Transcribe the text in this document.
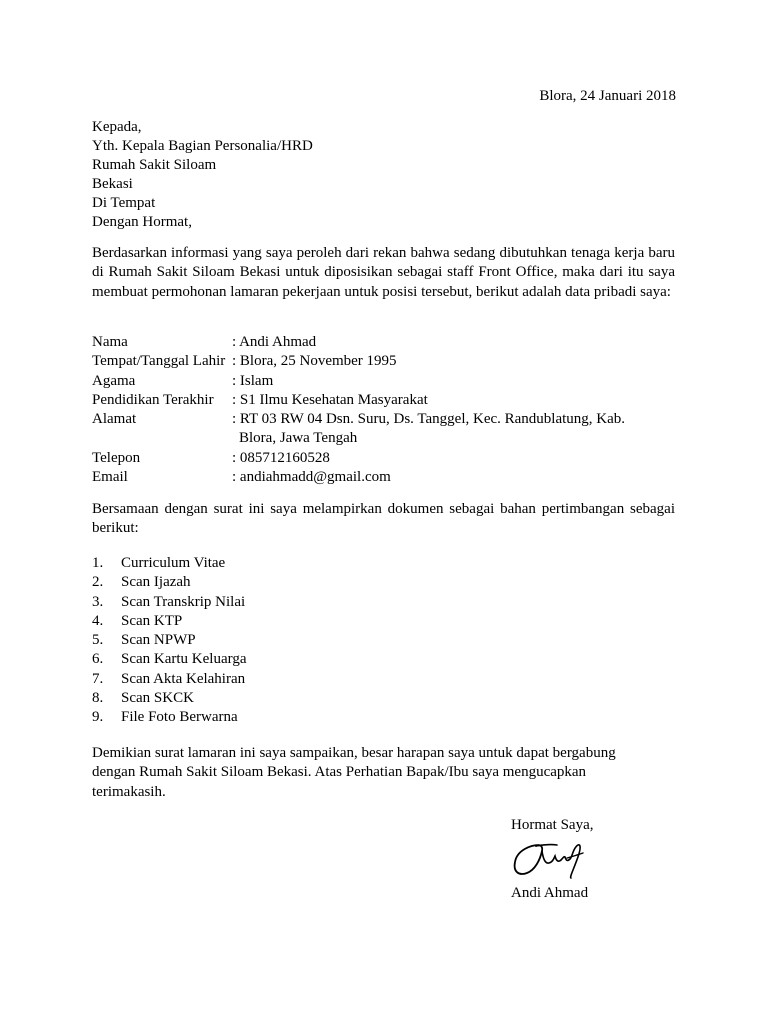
Blora, 24 Januari 2018
Kepada,
Yth. Kepala Bagian Personalia/HRD
Rumah Sakit Siloam
Bekasi
Di Tempat
Dengan Hormat,
Berdasarkan informasi yang saya peroleh dari rekan bahwa sedang dibutuhkan tenaga kerja baru di Rumah Sakit Siloam Bekasi untuk diposisikan sebagai staff Front Office, maka dari itu saya membuat permohonan lamaran pekerjaan untuk posisi tersebut, berikut adalah data pribadi saya:
Nama	: Andi Ahmad
Tempat/Tanggal Lahir	: Blora, 25 November 1995
Agama	: Islam
Pendidikan Terakhir	: S1 Ilmu Kesehatan Masyarakat
Alamat	: RT 03 RW 04 Dsn. Suru, Ds. Tanggel, Kec. Randublatung, Kab.
Blora, Jawa Tengah

Telepon	: 085712160528
Email	: andiahmadd@gmail.com
Bersamaan dengan surat ini saya melampirkan dokumen sebagai bahan pertimbangan sebagai berikut:
1. Curriculum Vitae
2. Scan Ijazah
3. Scan Transkrip Nilai
4. Scan KTP
5. Scan NPWP
6. Scan Kartu Keluarga
7. Scan Akta Kelahiran
8. Scan SKCK
9. File Foto Berwarna
Demikian surat lamaran ini saya sampaikan, besar harapan saya untuk dapat bergabung
dengan Rumah Sakit Siloam Bekasi. Atas Perhatian Bapak/Ibu saya mengucapkan
terimakasih.
Hormat Saya,
Andi Ahmad
